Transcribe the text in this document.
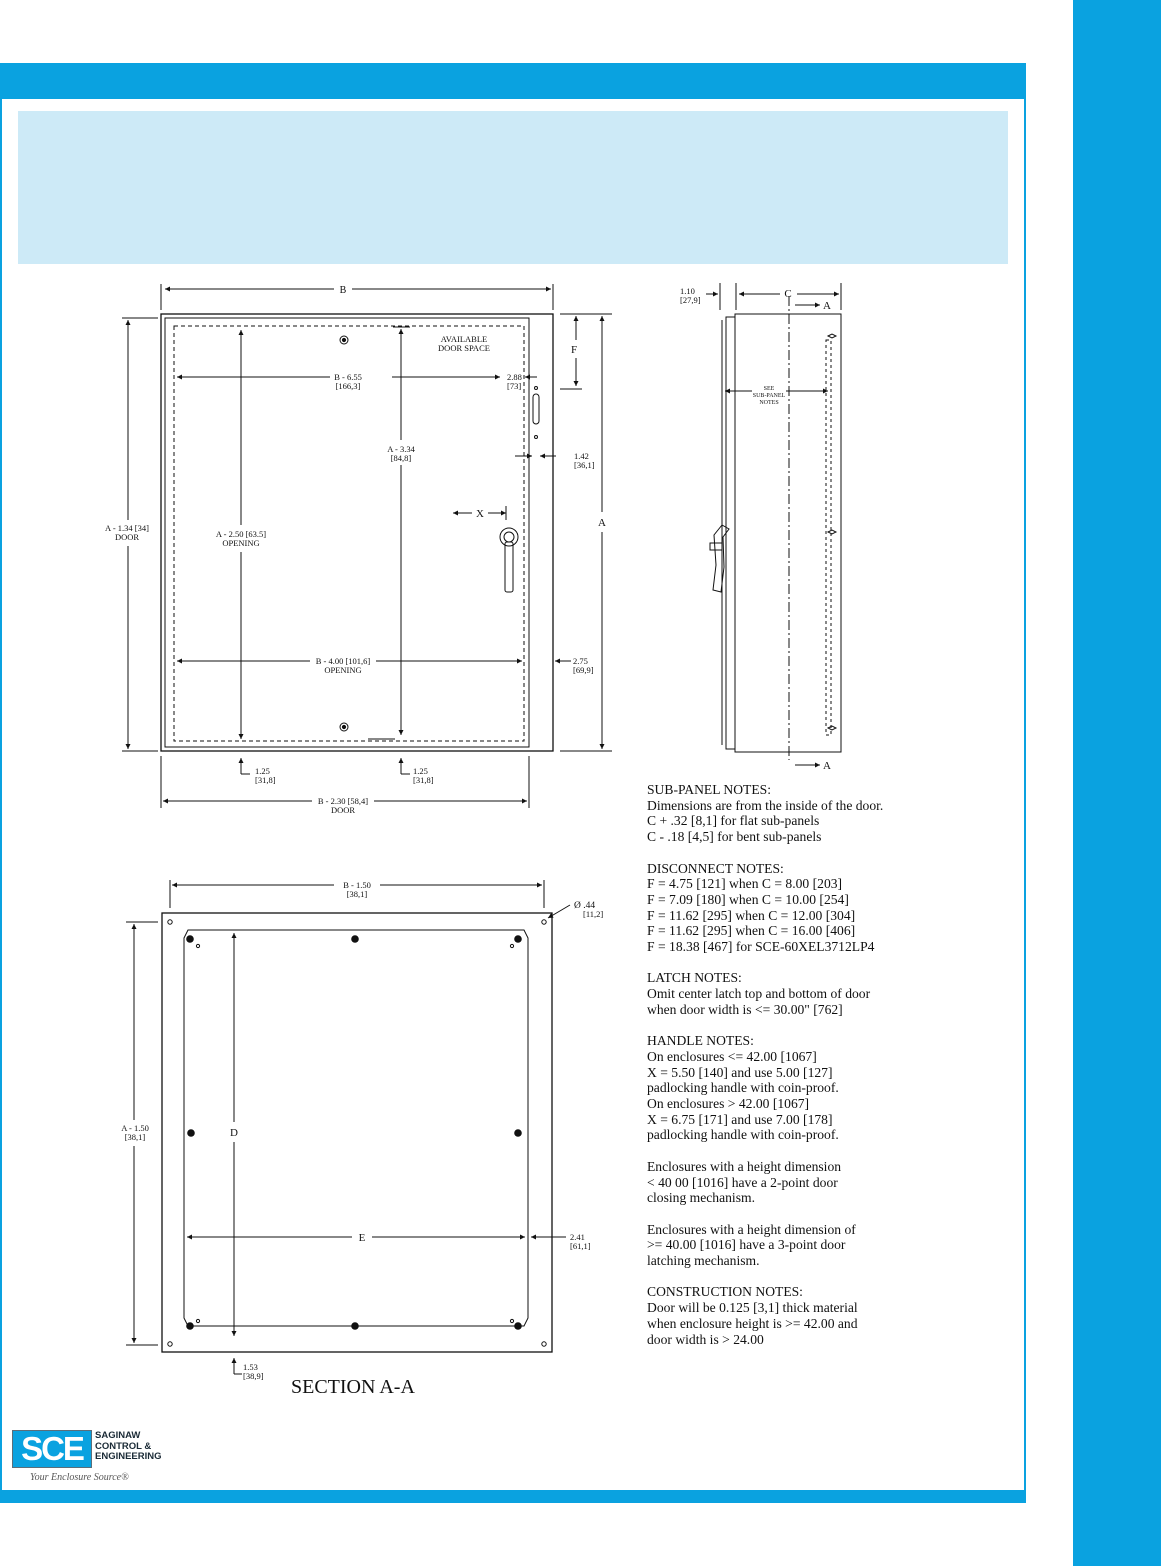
B
AVAILABLE
DOOR SPACE
B - 6.55
[166,3]
2.88
[73]
F
A - 3.34
[84,8]	1.42
[36,1]
A - 1.34 [34]
DOOR	A - 2.50 [63.5]
OPENING
X
A
B - 4.00 [101,6]
OPENING
2.75
[69,9]
1.25
[31,8]
1.25
[31,8]
B - 2.30 [58,4]
DOOR
1.10
[27,9]	C
A
A
SEE
SUB-PANEL
NOTES
B - 1.50
[38,1]
Ø .44
[11,2]
A - 1.50
[38,1]	D
E	2.41
[61,1]
1.53
[38,9] SECTION A-A
SUB-PANEL NOTES:
Dimensions are from the inside of the door.
C + .32 [8,1] for flat sub-panels
C - .18 [4,5] for bent sub-panels
DISCONNECT NOTES:
F = 4.75 [121] when C = 8.00 [203]
F = 7.09 [180] when C = 10.00 [254]
F = 11.62 [295] when C = 12.00 [304]
F = 11.62 [295] when C = 16.00 [406]
F = 18.38 [467] for SCE-60XEL3712LP4
LATCH NOTES:
Omit center latch top and bottom of door
when door width is <= 30.00" [762]
HANDLE NOTES:
On enclosures <= 42.00 [1067]
X = 5.50 [140] and use 5.00 [127]
padlocking handle with coin-proof.
On enclosures > 42.00 [1067]
X = 6.75 [171] and use 7.00 [178]
padlocking handle with coin-proof.
Enclosures with a height dimension
< 40 00 [1016] have a 2-point door
closing mechanism.
Enclosures with a height dimension of
>= 40.00 [1016] have a 3-point door
latching mechanism.
CONSTRUCTION NOTES:
Door will be 0.125 [3,1] thick material
when enclosure height is >= 42.00 and
door width is > 24.00
SCE	SAGINAW
CONTROL &
ENGINEERING
Your Enclosure Source®
